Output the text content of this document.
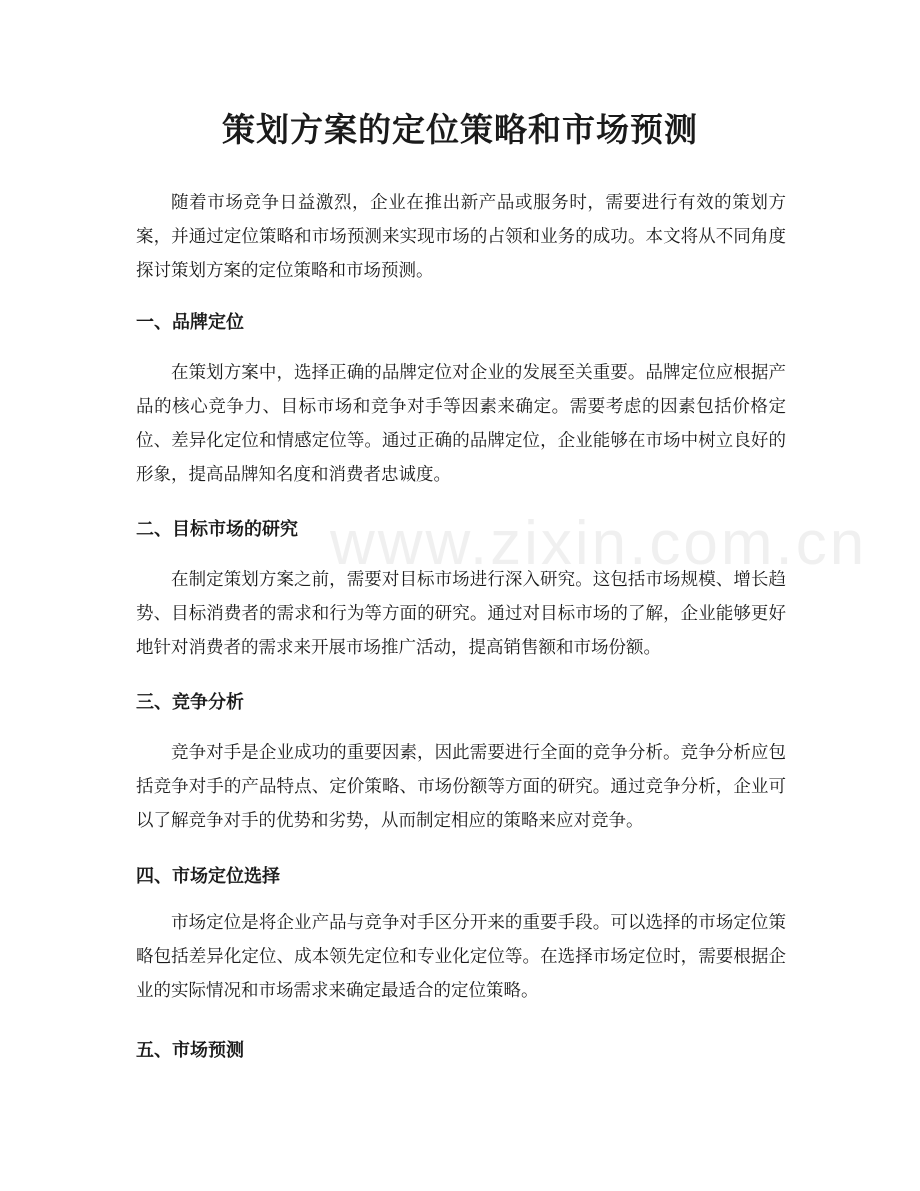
策划方案的定位策略和市场预测

随着市场竞争日益激烈，企业在推出新产品或服务时，需要进行有效的策划方案，并通过定位策略和市场预测来实现市场的占领和业务的成功。本文将从不同角度探讨策划方案的定位策略和市场预测。

一、品牌定位

在策划方案中，选择正确的品牌定位对企业的发展至关重要。品牌定位应根据产品的核心竞争力、目标市场和竞争对手等因素来确定。需要考虑的因素包括价格定位、差异化定位和情感定位等。通过正确的品牌定位，企业能够在市场中树立良好的形象，提高品牌知名度和消费者忠诚度。

二、目标市场的研究

在制定策划方案之前，需要对目标市场进行深入研究。这包括市场规模、增长趋势、目标消费者的需求和行为等方面的研究。通过对目标市场的了解，企业能够更好地针对消费者的需求来开展市场推广活动，提高销售额和市场份额。

三、竞争分析

竞争对手是企业成功的重要因素，因此需要进行全面的竞争分析。竞争分析应包括竞争对手的产品特点、定价策略、市场份额等方面的研究。通过竞争分析，企业可以了解竞争对手的优势和劣势，从而制定相应的策略来应对竞争。

四、市场定位选择

市场定位是将企业产品与竞争对手区分开来的重要手段。可以选择的市场定位策略包括差异化定位、成本领先定位和专业化定位等。在选择市场定位时，需要根据企业的实际情况和市场需求来确定最适合的定位策略。

五、市场预测
www.zixin.com.cn
